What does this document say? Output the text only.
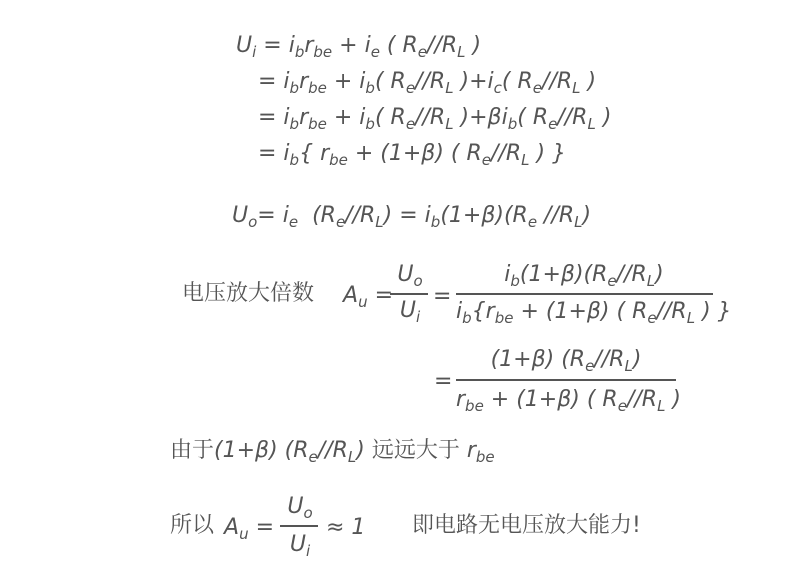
$U_i = i_br_{be} + i_e$ ( $R_e//R_L$ )
= $i_br_{be} + i_b$( $R_e//R_L$ )$+i_c$( $R_e//R_L$ )
= $i_br_{be} + i_b$( $R_e//R_L$ )$+\beta i_b$( $R_e//R_L$ )
= $i_b${ $r_{be} + (1+\beta)$ ( $R_e//R_L$ ) }
$U_o= i_e$  $(R_e//R_L) = i_b(1+\beta)(R_e$ $//R_L$)
电压放大倍数 $A_u$ =
$U_o$
$U_i$
=
$i_b(1+\beta)(R_e//R_L)$
$i_b\{r_{be} + (1+\beta)$ ( $R_e//R_L$ ) }
=
(1+β) $(R_e//R_L)$
$r_{be} + (1+\beta)$ ( $R_e//R_L$ )
由于(1+β) $(R_e//R_L)$ 远远大于 $r_{be}$
所以 $A_u$ =
$U_o$
$U_i$
≈ 1 即电路无电压放大能力!
